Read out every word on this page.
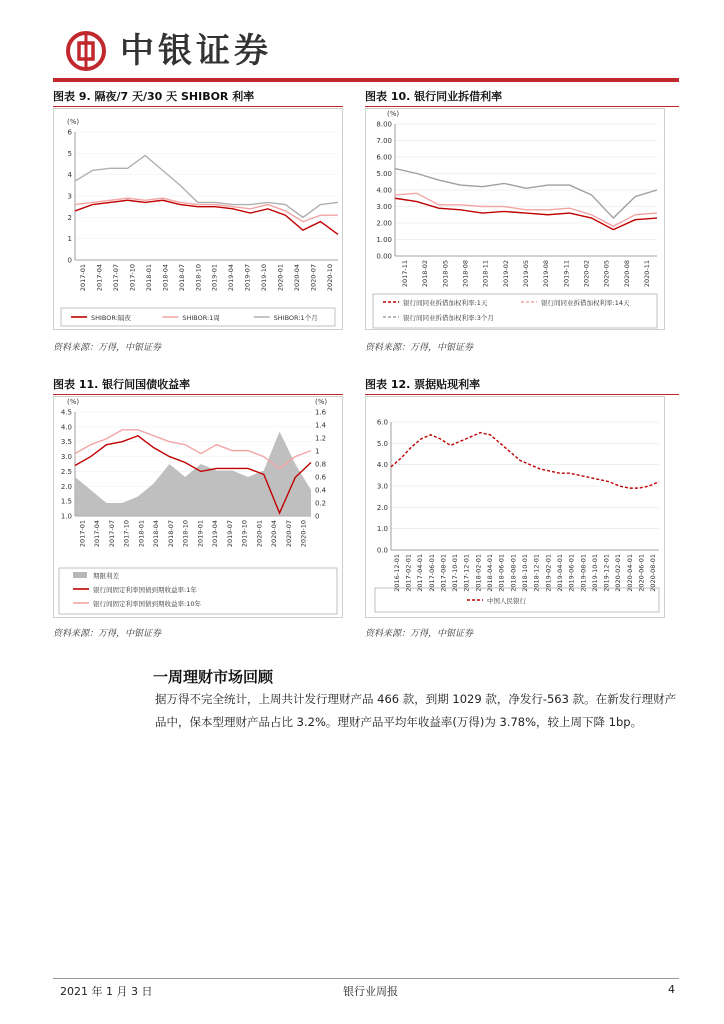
中银证券
图表 9. 隔夜/7 天/30 天 SHIBOR 利率
(%)
0
1
2
3
4
5
6
2017-01 2017-04 2017-07 2017-10 2018-01 2018-04 2018-07 2018-10 2019-01 2019-04 2019-07 2019-10 2020-01 2020-04 2020-07 2020-10
SHIBOR:隔夜	SHIBOR:1周	SHIBOR:1个月
资料来源：万得，中银证券
图表 10. 银行同业拆借利率
(%)
0.00
1.00
2.00
3.00
4.00
5.00
6.00
7.00
8.00
2017-11 2018-02 2018-05 2018-08 2018-11 2019-02 2019-05 2019-08 2019-11 2020-02 2020-05 2020-08 2020-11
银行间同业拆借加权利率:1天	银行间同业拆借加权利率:14天
银行间同业拆借加权利率:3个月
资料来源：万得，中银证券
图表 11. 银行间国债收益率
(%)	(%)
1.0
1.5
2.0
2.5
3.0
3.5
4.0
4.5
0
0.2
0.4
0.6
0.8
1
1.2
1.4
1.6
2017-01 2017-04 2017-07 2017-10 2018-01 2018-04 2018-07 2018-10 2019-01 2019-04 2019-07 2019-10 2020-01 2020-04 2020-07 2020-10
期限利差
银行间固定利率国债到期收益率:1年
银行间固定利率国债到期收益率:10年
资料来源：万得，中银证券
图表 12. 票据贴现利率
0.0
1.0
2.0
3.0
4.0
5.0
6.0
2016-12-01 2017-02-01 2017-04-01 2017-06-01 2017-08-01 2017-10-01 2017-12-01 2018-02-01 2018-04-01 2018-06-01 2018-08-01 2018-10-01 2018-12-01 2019-02-01 2019-04-01 2019-06-01 2019-08-01 2019-10-01 2019-12-01 2020-02-01 2020-04-01 2020-06-01 2020-08-01
中国人民银行
资料来源：万得，中银证券
一周理财市场回顾
据万得不完全统计，上周共计发行理财产品 466 款，到期 1029 款，净发行-563 款。在新发行理财产
品中，保本型理财产品占比 3.2%。理财产品平均年收益率(万得)为 3.78%，较上周下降 1bp。
2021 年 1 月 3 日	银行业周报	4
